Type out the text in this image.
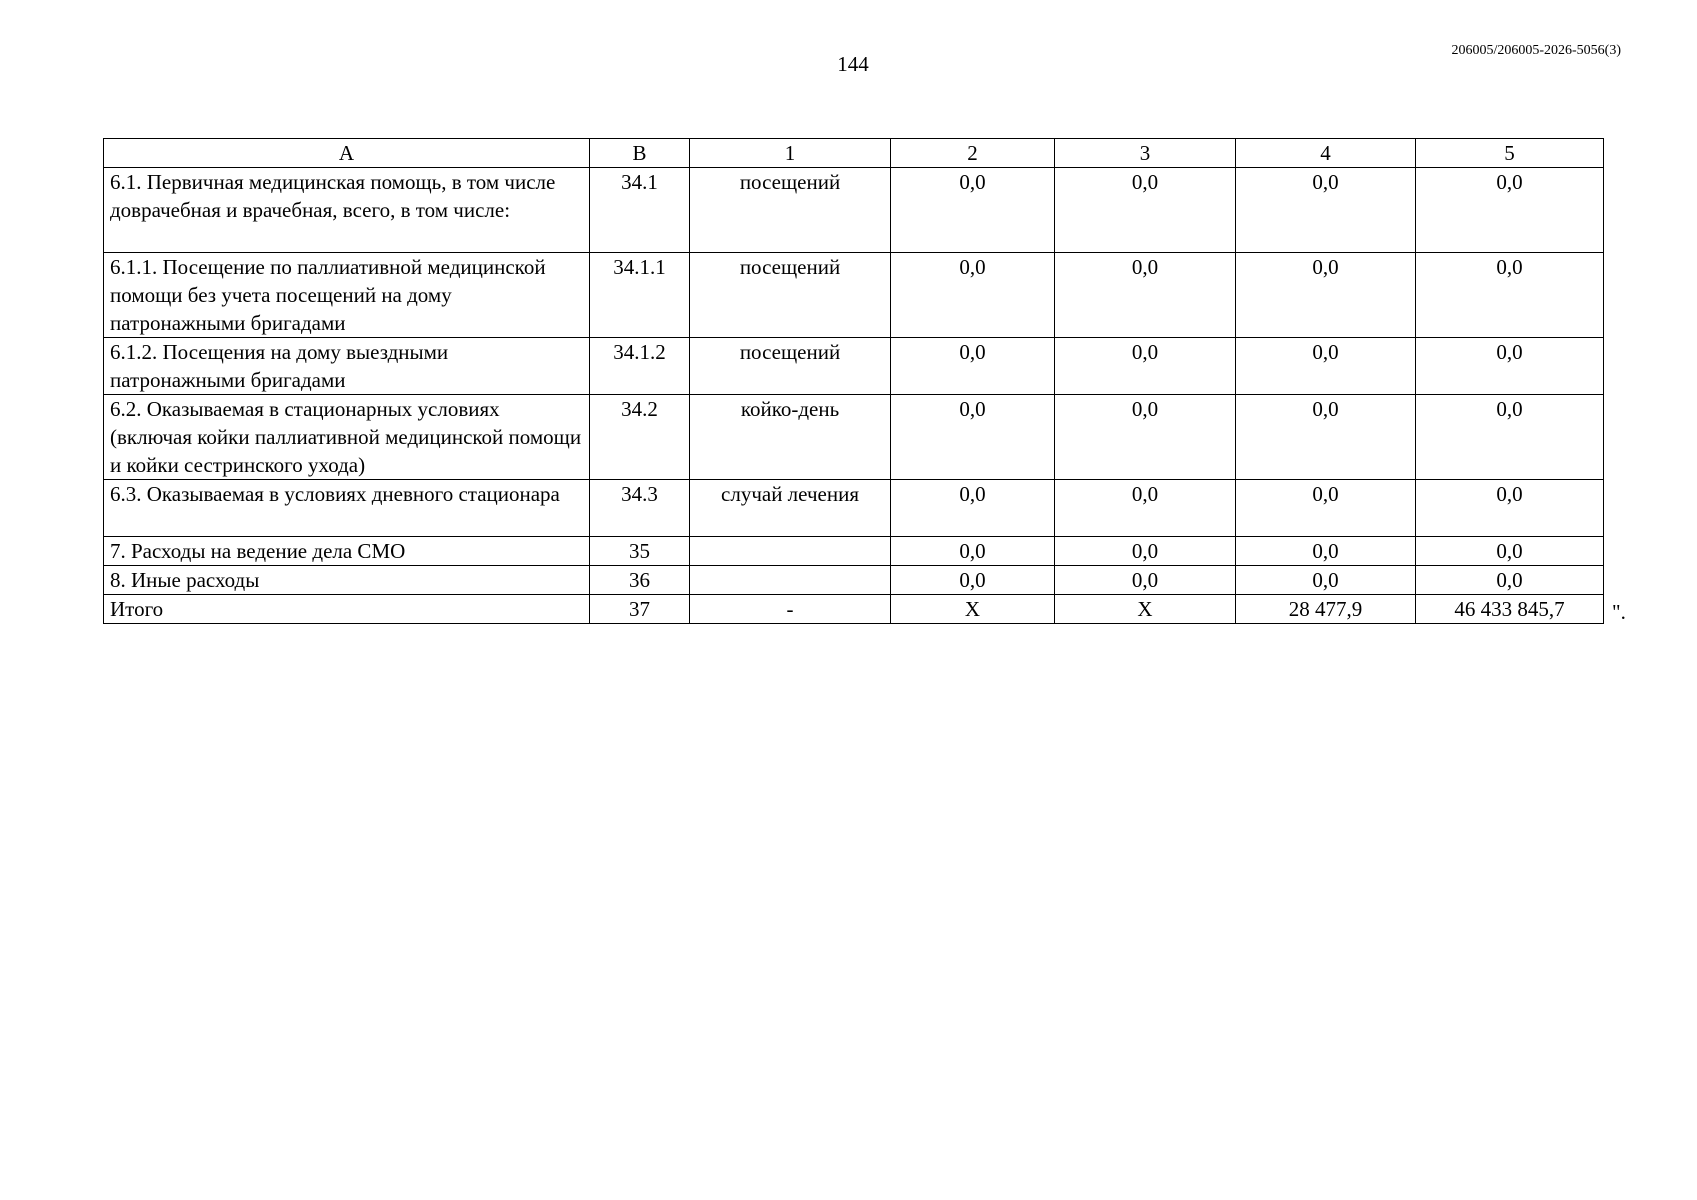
144
206005/206005-2026-5056(3)
А	В	1	2	3	4	5
6.1. Первичная медицинская помощь, в том числе доврачебная и врачебная, всего, в том числе:	34.1	посещений	0,0	0,0	0,0	0,0
6.1.1. Посещение по паллиативной медицинской помощи без учета посещений на дому патронажными бригадами	34.1.1	посещений	0,0	0,0	0,0	0,0
6.1.2. Посещения на дому выездными патронажными бригадами	34.1.2	посещений	0,0	0,0	0,0	0,0
6.2. Оказываемая в стационарных условиях (включая койки паллиативной медицинской помощи и койки сестринского ухода)	34.2	койко-день	0,0	0,0	0,0	0,0
6.3. Оказываемая в условиях дневного стационара	34.3	случай лечения	0,0	0,0	0,0	0,0
7. Расходы на ведение дела СМО	35		0,0	0,0	0,0	0,0
8. Иные расходы	36		0,0	0,0	0,0	0,0
Итого	37	-	Х	Х	28 477,9	46 433 845,7 ".
